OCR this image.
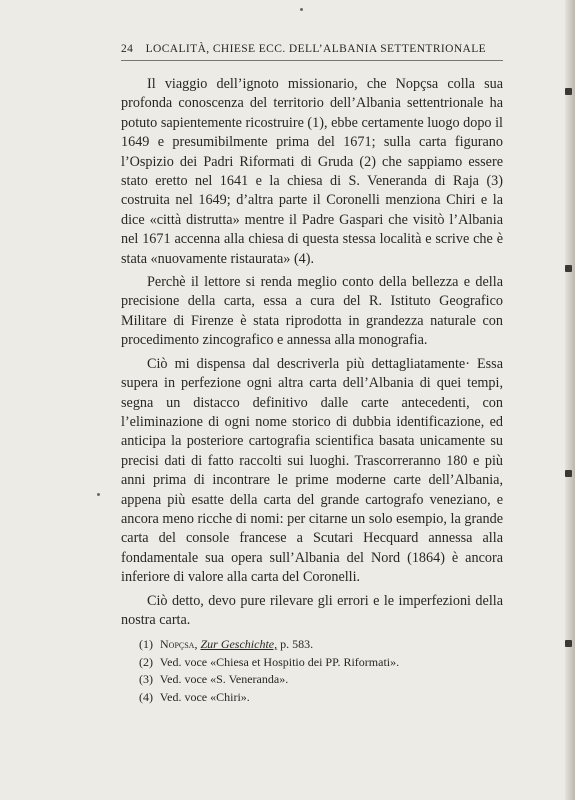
24 LOCALITÀ, CHIESE ECC. DELL’ALBANIA SETTENTRIONALE

Il viaggio dell’ignoto missionario, che Nopçsa colla sua profonda conoscenza del territorio dell’Albania settentrionale ha potuto sapientemente ricostruire (1), ebbe certamente luogo dopo il 1649 e presumibilmente prima del 1671; sulla carta figurano l’Ospizio dei Padri Riformati di Gruda (2) che sappiamo essere stato eretto nel 1641 e la chiesa di S. Veneranda di Raja (3) costruita nel 1649; d’altra parte il Coronelli menziona Chiri e la dice «città distrutta» mentre il Padre Gaspari che visitò l’Albania nel 1671 accenna alla chiesa di questa stessa località e scrive che è stata «nuovamente ristaurata» (4).

Perchè il lettore si renda meglio conto della bellezza e della precisione della carta, essa a cura del R. Istituto Geografico Militare di Firenze è stata riprodotta in grandezza naturale con procedimento zincografico e annessa alla monografia.

Ciò mi dispensa dal descriverla più dettagliatamente· Essa supera in perfezione ogni altra carta dell’Albania di quei tempi, segna un distacco definitivo dalle carte antecedenti, con l’eliminazione di ogni nome storico di dubbia identificazione, ed anticipa la posteriore cartografia scientifica basata unicamente su precisi dati di fatto raccolti sui luoghi. Trascorreranno 180 e più anni prima di incontrare le prime moderne carte dell’Albania, appena più esatte della carta del grande cartografo veneziano, e ancora meno ricche di nomi: per citarne un solo esempio, la grande carta del console francese a Scutari Hecquard annessa alla fondamentale sua opera sull’Albania del Nord (1864) è ancora inferiore di valore alla carta del Coronelli.

Ciò detto, devo pure rilevare gli errori e le imperfezioni della nostra carta.

(1) Nopçsa, Zur Geschichte, p. 583.
(2) Ved. voce «Chiesa et Hospitio dei PP. Riformati».
(3) Ved. voce «S. Veneranda».
(4) Ved. voce «Chiri».
